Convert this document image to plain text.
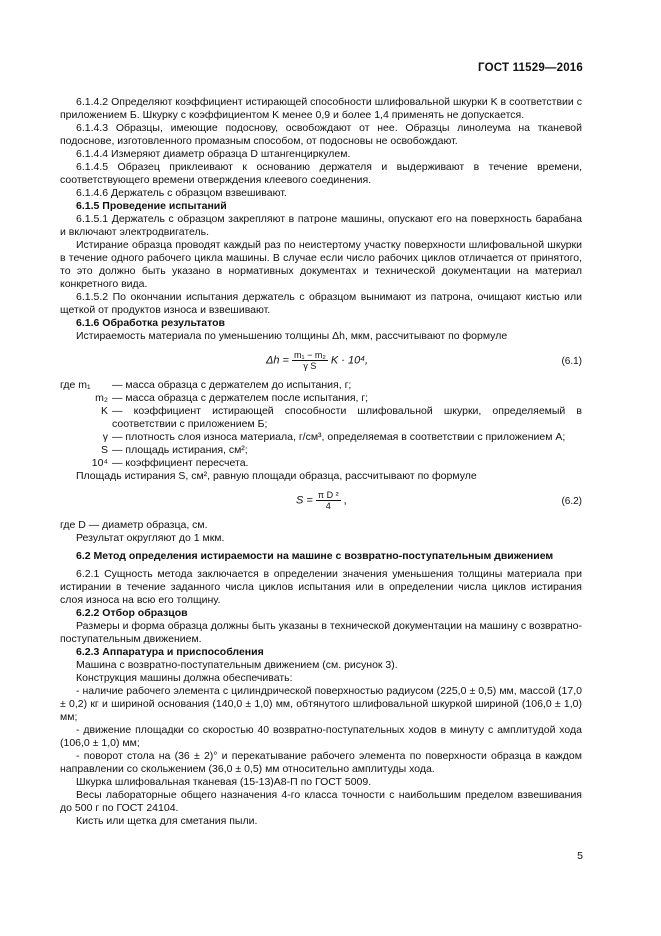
ГОСТ 11529—2016

6.1.4.2 Определяют коэффициент истирающей способности шлифовальной шкурки K в соответствии с приложением Б. Шкурку с коэффициентом K менее 0,9 и более 1,4 применять не допускается.

6.1.4.3 Образцы, имеющие подоснову, освобождают от нее. Образцы линолеума на тканевой подоснове, изготовленного промазным способом, от подосновы не освобождают.

6.1.4.4 Измеряют диаметр образца D штангенциркулем.

6.1.4.5 Образец приклеивают к основанию держателя и выдерживают в течение времени, соответствующего времени отверждения клеевого соединения.

6.1.4.6 Держатель с образцом взвешивают.

6.1.5 Проведение испытаний

6.1.5.1 Держатель с образцом закрепляют в патроне машины, опускают его на поверхность барабана и включают электродвигатель.

Истирание образца проводят каждый раз по неистертому участку поверхности шлифовальной шкурки в течение одного рабочего цикла машины. В случае если число рабочих циклов отличается от принятого, то это должно быть указано в нормативных документах и технической документации на материал конкретного вида.

6.1.5.2 По окончании испытания держатель с образцом вынимают из патрона, очищают кистью или щеткой от продуктов износа и взвешивают.

6.1.6 Обработка результатов

Истираемость материала по уменьшению толщины Δh, мкм, рассчитывают по формуле

$\Delta h = \frac{\text{m₁ − m₂}}{\text{γ S}}$ K · 10⁴,	(6.1)
где m₁	— масса образца с держателем до испытания, г;
m₂ — масса образца с держателем после испытания, г;
K — коэффициент истирающей способности шлифовальной шкурки, определяемый в соответствии с приложением Б;
γ — плотность слоя износа материала, г/см³, определяемая в соответствии с приложением А;
S — площадь истирания, см²;
10⁴ — коэффициент пересчета.

Площадь истирания S, см², равную площади образца, рассчитывают по формуле

$S = \frac{\text{π D ²}}{4}$ ,	(6.2)

где D — диаметр образца, см.

Результат округляют до 1 мкм.

6.2 Метод определения истираемости на машине с возвратно-поступательным движением

6.2.1 Сущность метода заключается в определении значения уменьшения толщины материала при истирании в течение заданного числа циклов испытания или в определении числа циклов истирания слоя износа на всю его толщину.

6.2.2 Отбор образцов

Размеры и форма образца должны быть указаны в технической документации на машину с возвратно-поступательным движением.

6.2.3 Аппаратура и приспособления

Машина с возвратно-поступательным движением (см. рисунок 3).

Конструкция машины должна обеспечивать:

- наличие рабочего элемента с цилиндрической поверхностью радиусом (225,0 ± 0,5) мм, массой (17,0 ± 0,2) кг и шириной основания (140,0 ± 1,0) мм, обтянутого шлифовальной шкуркой шириной (106,0 ± 1,0) мм;

- движение площадки со скоростью 40 возвратно-поступательных ходов в минуту с амплитудой хода (106,0 ± 1,0) мм;

- поворот стола на (36 ± 2)° и перекатывание рабочего элемента по поверхности образца в каждом направлении со скольжением (36,0 ± 0,5) мм относительно амплитуды хода.

Шкурка шлифовальная тканевая (15-13)А8-П по ГОСТ 5009.

Весы лабораторные общего назначения 4-го класса точности с наибольшим пределом взвешивания до 500 г по ГОСТ 24104.

Кисть или щетка для сметания пыли.

5
